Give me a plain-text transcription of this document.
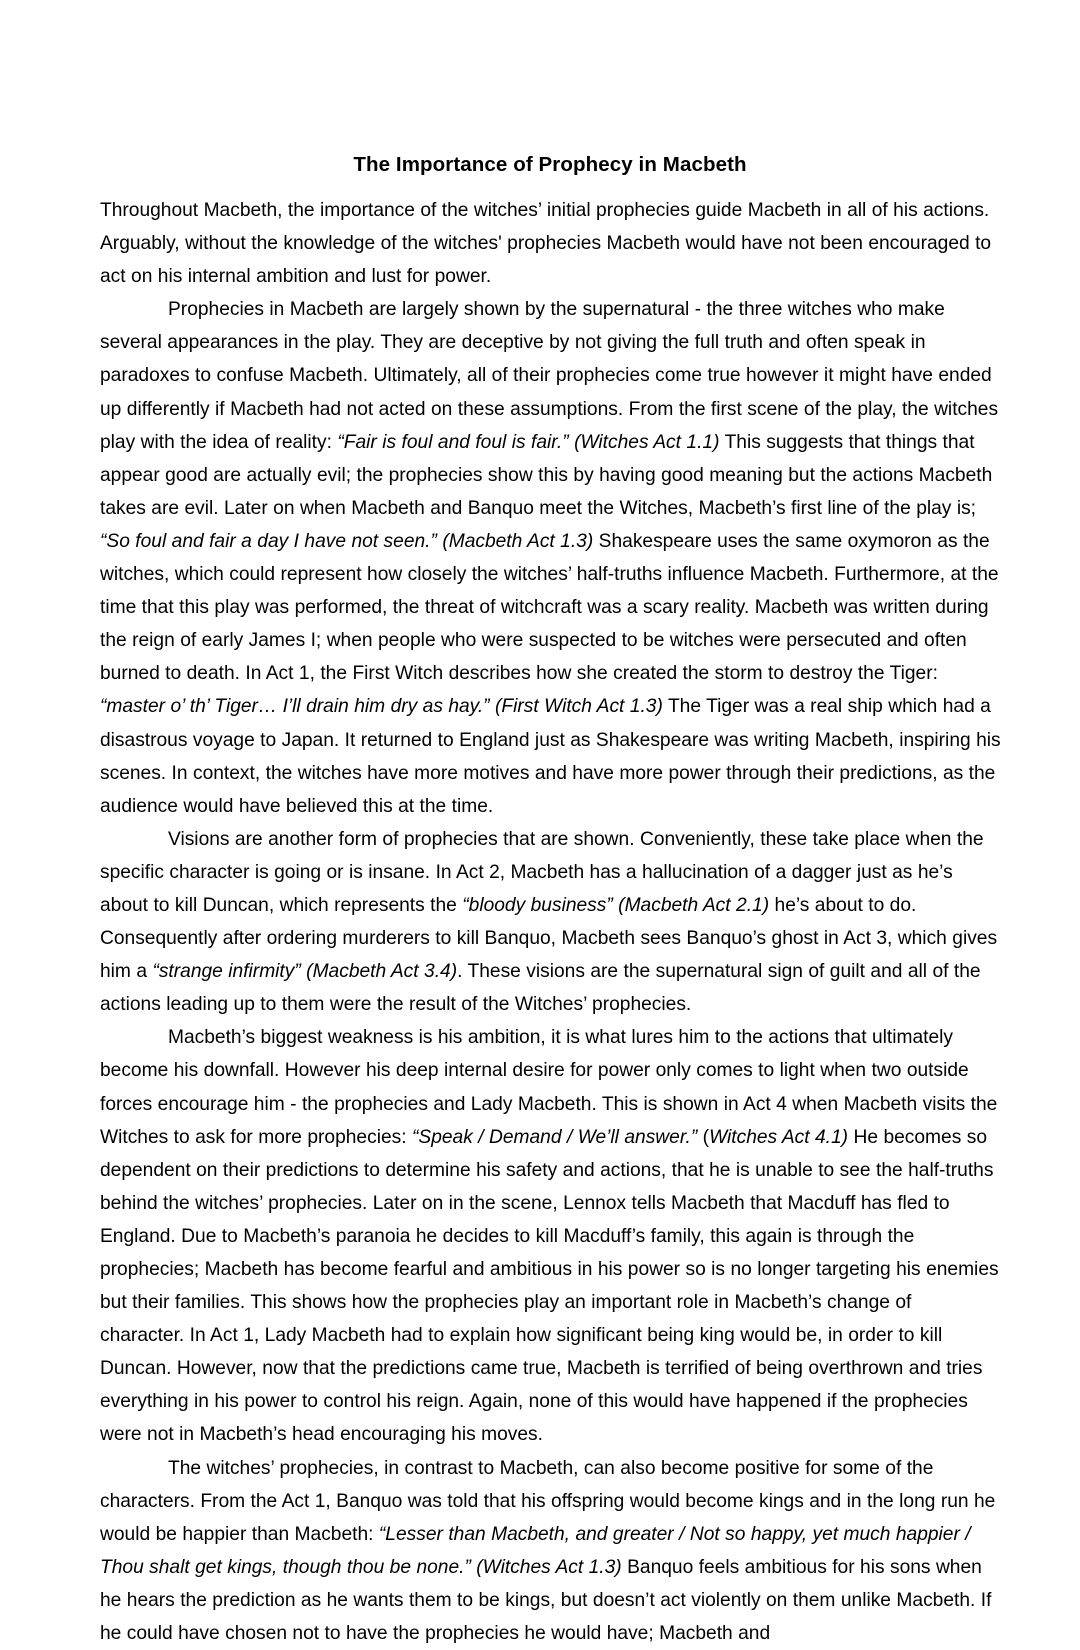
The Importance of Prophecy in Macbeth

Throughout Macbeth, the importance of the witches’ initial prophecies guide Macbeth in all of his actions. Arguably, without the knowledge of the witches' prophecies Macbeth would have not been encouraged to act on his internal ambition and lust for power.

Prophecies in Macbeth are largely shown by the supernatural - the three witches who make several appearances in the play. They are deceptive by not giving the full truth and often speak in paradoxes to confuse Macbeth. Ultimately, all of their prophecies come true however it might have ended up differently if Macbeth had not acted on these assumptions. From the first scene of the play, the witches play with the idea of reality: “Fair is foul and foul is fair.” (Witches Act 1.1) This suggests that things that appear good are actually evil; the prophecies show this by having good meaning but the actions Macbeth takes are evil. Later on when Macbeth and Banquo meet the Witches, Macbeth’s first line of the play is; “So foul and fair a day I have not seen.” (Macbeth Act 1.3) Shakespeare uses the same oxymoron as the witches, which could represent how closely the witches’ half-truths influence Macbeth. Furthermore, at the time that this play was performed, the threat of witchcraft was a scary reality. Macbeth was written during the reign of early James I; when people who were suspected to be witches were persecuted and often burned to death. In Act 1, the First Witch describes how she created the storm to destroy the Tiger: “master o’ th’ Tiger… I’ll drain him dry as hay.” (First Witch Act 1.3) The Tiger was a real ship which had a disastrous voyage to Japan. It returned to England just as Shakespeare was writing Macbeth, inspiring his scenes. In context, the witches have more motives and have more power through their predictions, as the audience would have believed this at the time.

Visions are another form of prophecies that are shown. Conveniently, these take place when the specific character is going or is insane. In Act 2, Macbeth has a hallucination of a dagger just as he’s about to kill Duncan, which represents the “bloody business” (Macbeth Act 2.1) he’s about to do. Consequently after ordering murderers to kill Banquo, Macbeth sees Banquo’s ghost in Act 3, which gives him a “strange infirmity” (Macbeth Act 3.4). These visions are the supernatural sign of guilt and all of the actions leading up to them were the result of the Witches’ prophecies.

Macbeth’s biggest weakness is his ambition, it is what lures him to the actions that ultimately become his downfall. However his deep internal desire for power only comes to light when two outside forces encourage him - the prophecies and Lady Macbeth. This is shown in Act 4 when Macbeth visits the Witches to ask for more prophecies: “Speak / Demand / We’ll answer.” (Witches Act 4.1) He becomes so dependent on their predictions to determine his safety and actions, that he is unable to see the half-truths behind the witches’ prophecies. Later on in the scene, Lennox tells Macbeth that Macduff has fled to England. Due to Macbeth’s paranoia he decides to kill Macduff’s family, this again is through the prophecies; Macbeth has become fearful and ambitious in his power so is no longer targeting his enemies but their families. This shows how the prophecies play an important role in Macbeth’s change of character. In Act 1, Lady Macbeth had to explain how significant being king would be, in order to kill Duncan. However, now that the predictions came true, Macbeth is terrified of being overthrown and tries everything in his power to control his reign. Again, none of this would have happened if the prophecies were not in Macbeth’s head encouraging his moves.

The witches’ prophecies, in contrast to Macbeth, can also become positive for some of the characters. From the Act 1, Banquo was told that his offspring would become kings and in the long run he would be happier than Macbeth: “Lesser than Macbeth, and greater / Not so happy, yet much happier / Thou shalt get kings, though thou be none.” (Witches Act 1.3) Banquo feels ambitious for his sons when he hears the prediction as he wants them to be kings, but doesn’t act violently on them unlike Macbeth. If he could have chosen not to have the prophecies he would have; Macbeth and
